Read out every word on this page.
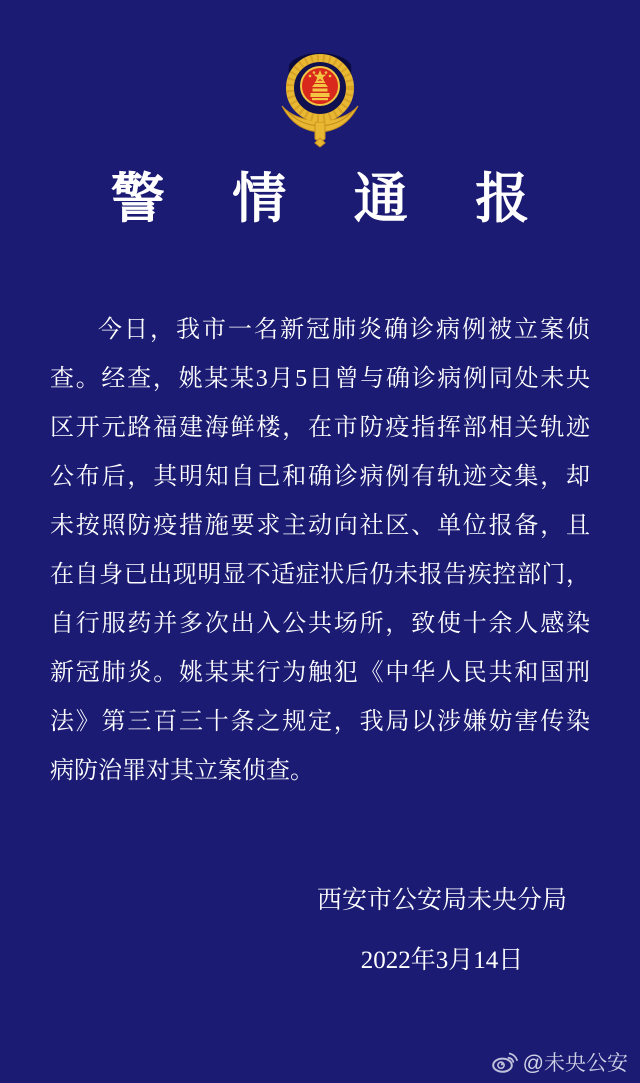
警 情 通 报
今日，我市一名新冠肺炎确诊病例被立案侦
查。经查，姚某某3月5日曾与确诊病例同处未央
区开元路福建海鲜楼，在市防疫指挥部相关轨迹
公布后，其明知自己和确诊病例有轨迹交集，却
未按照防疫措施要求主动向社区、单位报备，且
在自身已出现明显不适症状后仍未报告疾控部门，
自行服药并多次出入公共场所，致使十余人感染
新冠肺炎。姚某某行为触犯《中华人民共和国刑
法》第三百三十条之规定，我局以涉嫌妨害传染
病防治罪对其立案侦查。
西安市公安局未央分局
2022年3月14日
@未央公安
